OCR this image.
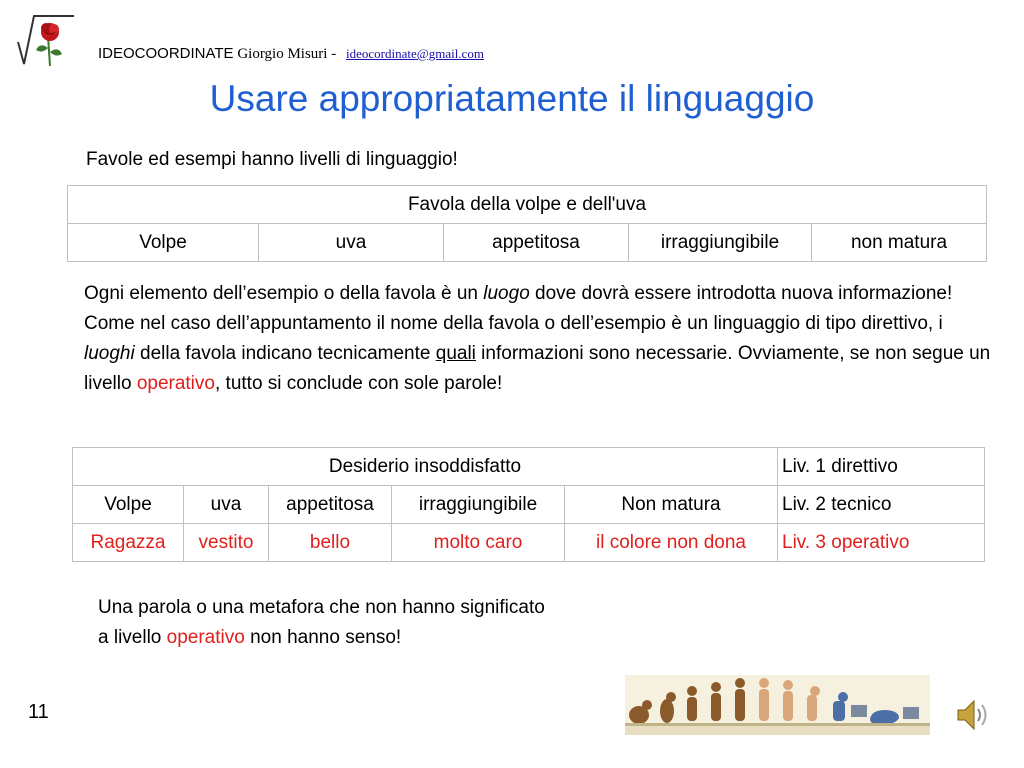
IDEOCOORDINATE Giorgio Misuri - ideocordinate@gmail.com
Usare appropriatamente il linguaggio
Favole ed esempi hanno livelli di linguaggio!
Favola della volpe e dell'uva
Volpe	uva	appetitosa	irraggiungibile	non matura
Ogni elemento dell’esempio o della favola è un luogo dove dovrà essere introdotta nuova informazione! Come nel caso dell’appuntamento il nome della favola o dell’esempio è un linguaggio di tipo direttivo, i luoghi della favola indicano tecnicamente quali informazioni sono necessarie. Ovviamente, se non segue un livello operativo, tutto si conclude con sole parole!
Desiderio insoddisfatto					Liv. 1 direttivo
Volpe	uva	appetitosa	irraggiungibile	Non matura	Liv. 2 tecnico
Ragazza	vestito	bello	molto caro	il colore non dona	Liv. 3 operativo
Una parola o una metafora che non hanno significato a livello operativo non hanno senso!
11
